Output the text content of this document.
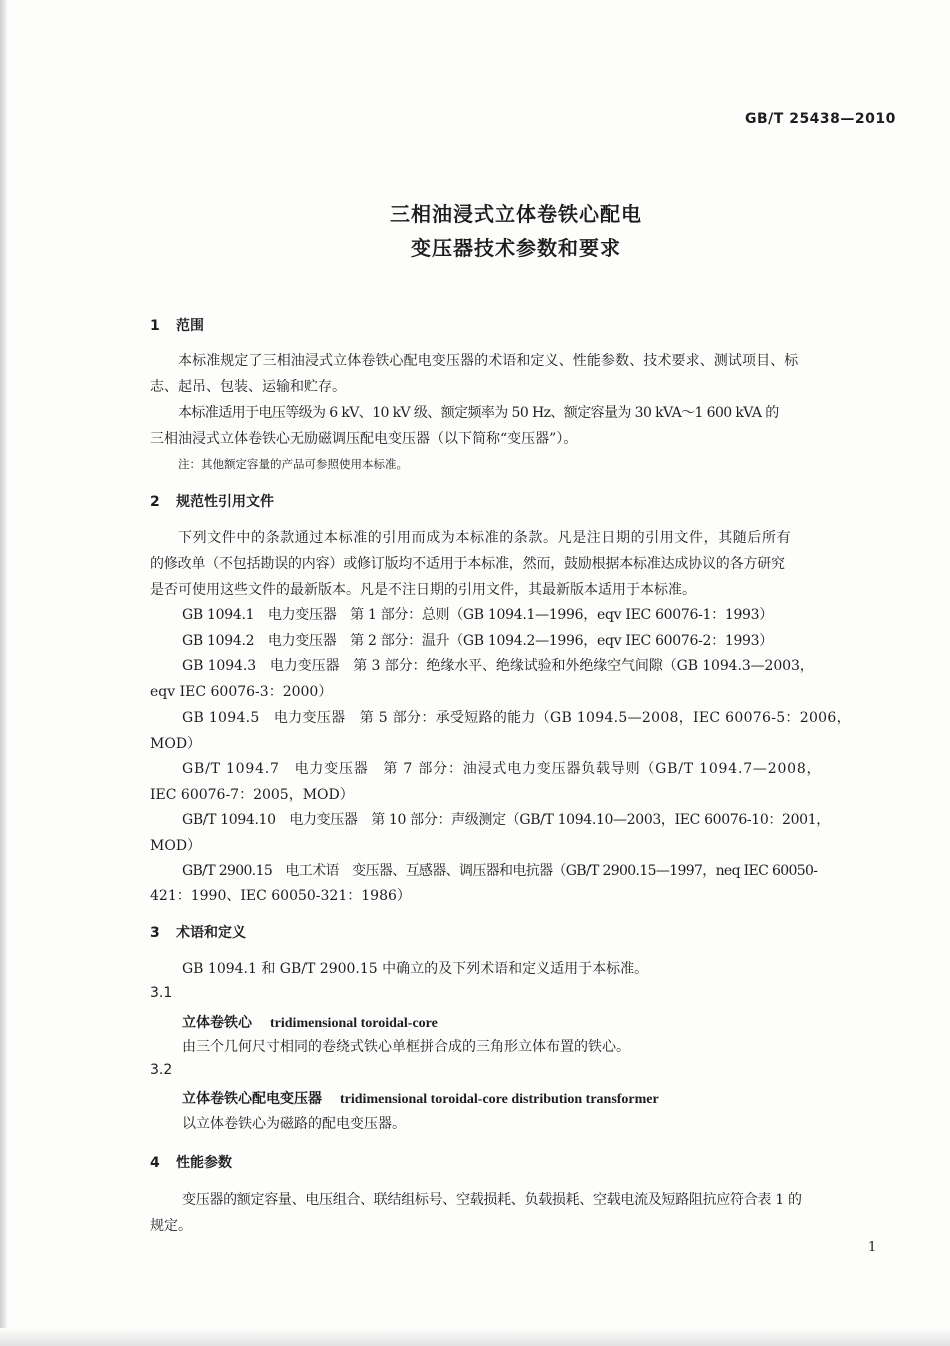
GB/T 25438—2010
三相油浸式立体卷铁心配电
变压器技术参数和要求
1 范围
本标准规定了三相油浸式立体卷铁心配电变压器的术语和定义、性能参数、技术要求、测试项目、标
志、起吊、包装、运输和贮存。
本标准适用于电压等级为 6 kV、10 kV 级、额定频率为 50 Hz、额定容量为 30 kVA～1 600 kVA 的
三相油浸式立体卷铁心无励磁调压配电变压器（以下简称“变压器”）。
注：其他额定容量的产品可参照使用本标准。
2 规范性引用文件
下列文件中的条款通过本标准的引用而成为本标准的条款。凡是注日期的引用文件，其随后所有
的修改单（不包括勘误的内容）或修订版均不适用于本标准，然而，鼓励根据本标准达成协议的各方研究
是否可使用这些文件的最新版本。凡是不注日期的引用文件，其最新版本适用于本标准。
GB 1094.1　电力变压器　第 1 部分：总则（GB 1094.1—1996，eqv IEC 60076-1：1993）
GB 1094.2　电力变压器　第 2 部分：温升（GB 1094.2—1996，eqv IEC 60076-2：1993）
GB 1094.3　电力变压器　第 3 部分：绝缘水平、绝缘试验和外绝缘空气间隙（GB 1094.3—2003，
eqv IEC 60076-3：2000）
GB 1094.5　电力变压器　第 5 部分：承受短路的能力（GB 1094.5—2008，IEC 60076-5：2006，
MOD）
GB/T 1094.7　电力变压器　第 7 部分：油浸式电力变压器负载导则（GB/T 1094.7—2008，
IEC 60076-7：2005，MOD）
GB/T 1094.10　电力变压器　第 10 部分：声级测定（GB/T 1094.10—2003，IEC 60076-10：2001，
MOD）
GB/T 2900.15　电工术语　变压器、互感器、调压器和电抗器（GB/T 2900.15—1997，neq IEC 60050-
421：1990、IEC 60050-321：1986）
3 术语和定义
GB 1094.1 和 GB/T 2900.15 中确立的及下列术语和定义适用于本标准。
3.1
立体卷铁心 tridimensional toroidal-core
由三个几何尺寸相同的卷绕式铁心单框拼合成的三角形立体布置的铁心。
3.2
立体卷铁心配电变压器 tridimensional toroidal-core distribution transformer
以立体卷铁心为磁路的配电变压器。
4 性能参数
变压器的额定容量、电压组合、联结组标号、空载损耗、负载损耗、空载电流及短路阻抗应符合表 1 的
规定。
1
